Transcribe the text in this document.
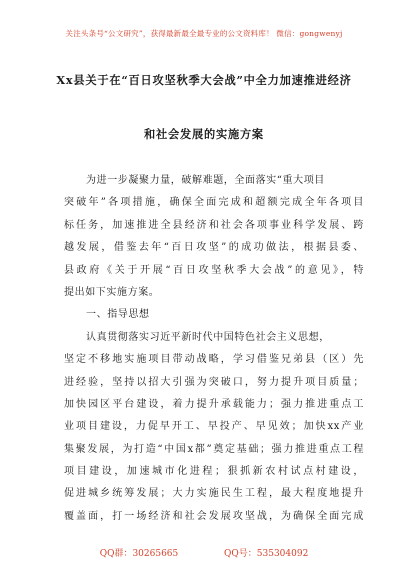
关注头条号“公文研究”，获得最新最全最专业的公文资料库！ 微信：gongwenyj
Xx县关于在“百日攻坚秋季大会战”中全力加速推进经济
和社会发展的实施方案
为进一步凝聚力量，破解难题，全面落实“重大项目
突破年”各项措施，确保全面完成和超额完成全年各项目
标任务，加速推进全县经济和社会各项事业科学发展、跨
越发展，借鉴去年“百日攻坚”的成功做法，根据县委、
县政府《关于开展“百日攻坚秋季大会战”的意见》，特
提出如下实施方案。
一、指导思想
认真贯彻落实习近平新时代中国特色社会主义思想，
坚定不移地实施项目带动战略，学习借鉴兄弟县（区）先
进经验，坚持以招大引强为突破口，努力提升项目质量；
加快园区平台建设，着力提升承载能力；强力推进重点工
业项目建设，力促早开工、早投产、早见效；加快xx产业
集聚发展，为打造“中国x都”奠定基础；强力推进重点工程
项目建设，加速城市化进程；狠抓新农村试点村建设，
促进城乡统筹发展；大力实施民生工程，最大程度地提升
覆盖面，打一场经济和社会发展攻坚战，为确保全面完成
QQ群：30265665	QQ号：535304092
